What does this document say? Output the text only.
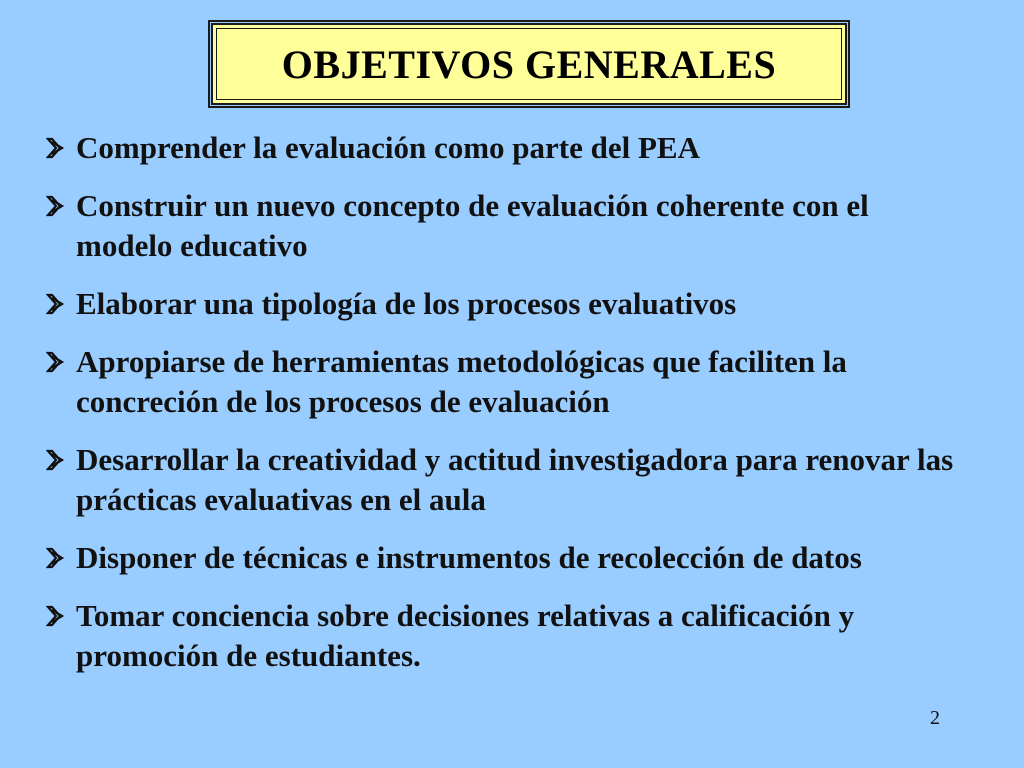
OBJETIVOS GENERALES
Comprender la evaluación como parte del PEA
Construir un nuevo concepto de evaluación coherente con el modelo educativo
Elaborar una tipología de los procesos evaluativos
Apropiarse de herramientas metodológicas que faciliten la concreción de los procesos de evaluación
Desarrollar la creatividad y actitud investigadora para renovar las prácticas evaluativas en el aula
Disponer de técnicas e instrumentos de recolección de datos
Tomar conciencia sobre decisiones relativas a calificación y promoción de estudiantes.
2
